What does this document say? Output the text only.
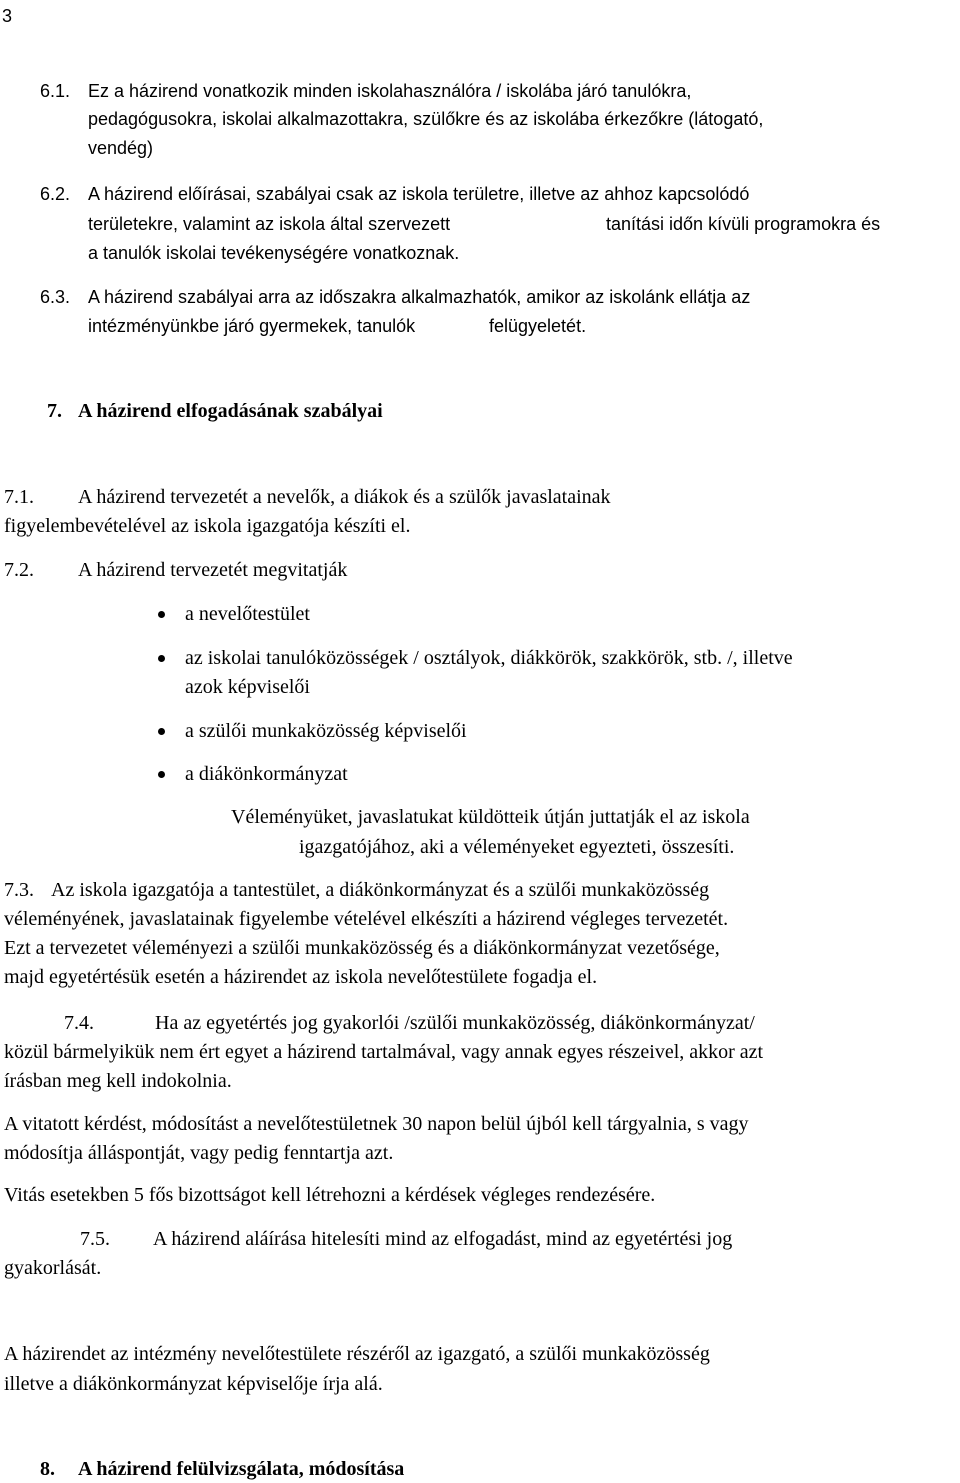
3
6.1. Ez a házirend vonatkozik minden iskolahasználóra / iskolába járó tanulókra,
pedagógusokra, iskolai alkalmazottakra, szülőkre és az iskolába érkezőkre (látogató,
vendég)
6.2. A házirend előírásai, szabályai csak az iskola területre, illetve az ahhoz kapcsolódó
területekre, valamint az iskola által szervezett	tanítási időn kívüli programokra és
a tanulók iskolai tevékenységére vonatkoznak.
6.3. A házirend szabályai arra az időszakra alkalmazhatók, amikor az iskolánk ellátja az
intézményünkbe járó gyermekek, tanulók	felügyeletét.
7. A házirend elfogadásának szabályai
7.1. A házirend tervezetét a nevelők, a diákok és a szülők javaslatainak
figyelembevételével az iskola igazgatója készíti el.
7.2. A házirend tervezetét megvitatják
a nevelőtestület
az iskolai tanulóközösségek / osztályok, diákkörök, szakkörök, stb. /, illetve
azok képviselői
a szülői munkaközösség képviselői
a diákönkormányzat
Véleményüket, javaslatukat küldötteik útján juttatják el az iskola
igazgatójához, aki a véleményeket egyezteti, összesíti.
7.3. Az iskola igazgatója a tantestület, a diákönkormányzat és a szülői munkaközösség
véleményének, javaslatainak figyelembe vételével elkészíti a házirend végleges tervezetét.
Ezt a tervezetet véleményezi a szülői munkaközösség és a diákönkormányzat vezetősége,
majd egyetértésük esetén a házirendet az iskola nevelőtestülete fogadja el.
7.4.	Ha az egyetértés jog gyakorlói /szülői munkaközösség, diákönkormányzat/
közül bármelyikük nem ért egyet a házirend tartalmával, vagy annak egyes részeivel, akkor azt
írásban meg kell indokolnia.
A vitatott kérdést, módosítást a nevelőtestületnek 30 napon belül újból kell tárgyalnia, s vagy
módosítja álláspontját, vagy pedig fenntartja azt.
Vitás esetekben 5 fős bizottságot kell létrehozni a kérdések végleges rendezésére.
7.5. A házirend aláírása hitelesíti mind az elfogadást, mind az egyetértési jog
gyakorlását.
A házirendet az intézmény nevelőtestülete részéről az igazgató, a szülői munkaközösség
illetve a diákönkormányzat képviselője írja alá.
8. A házirend felülvizsgálata, módosítása
